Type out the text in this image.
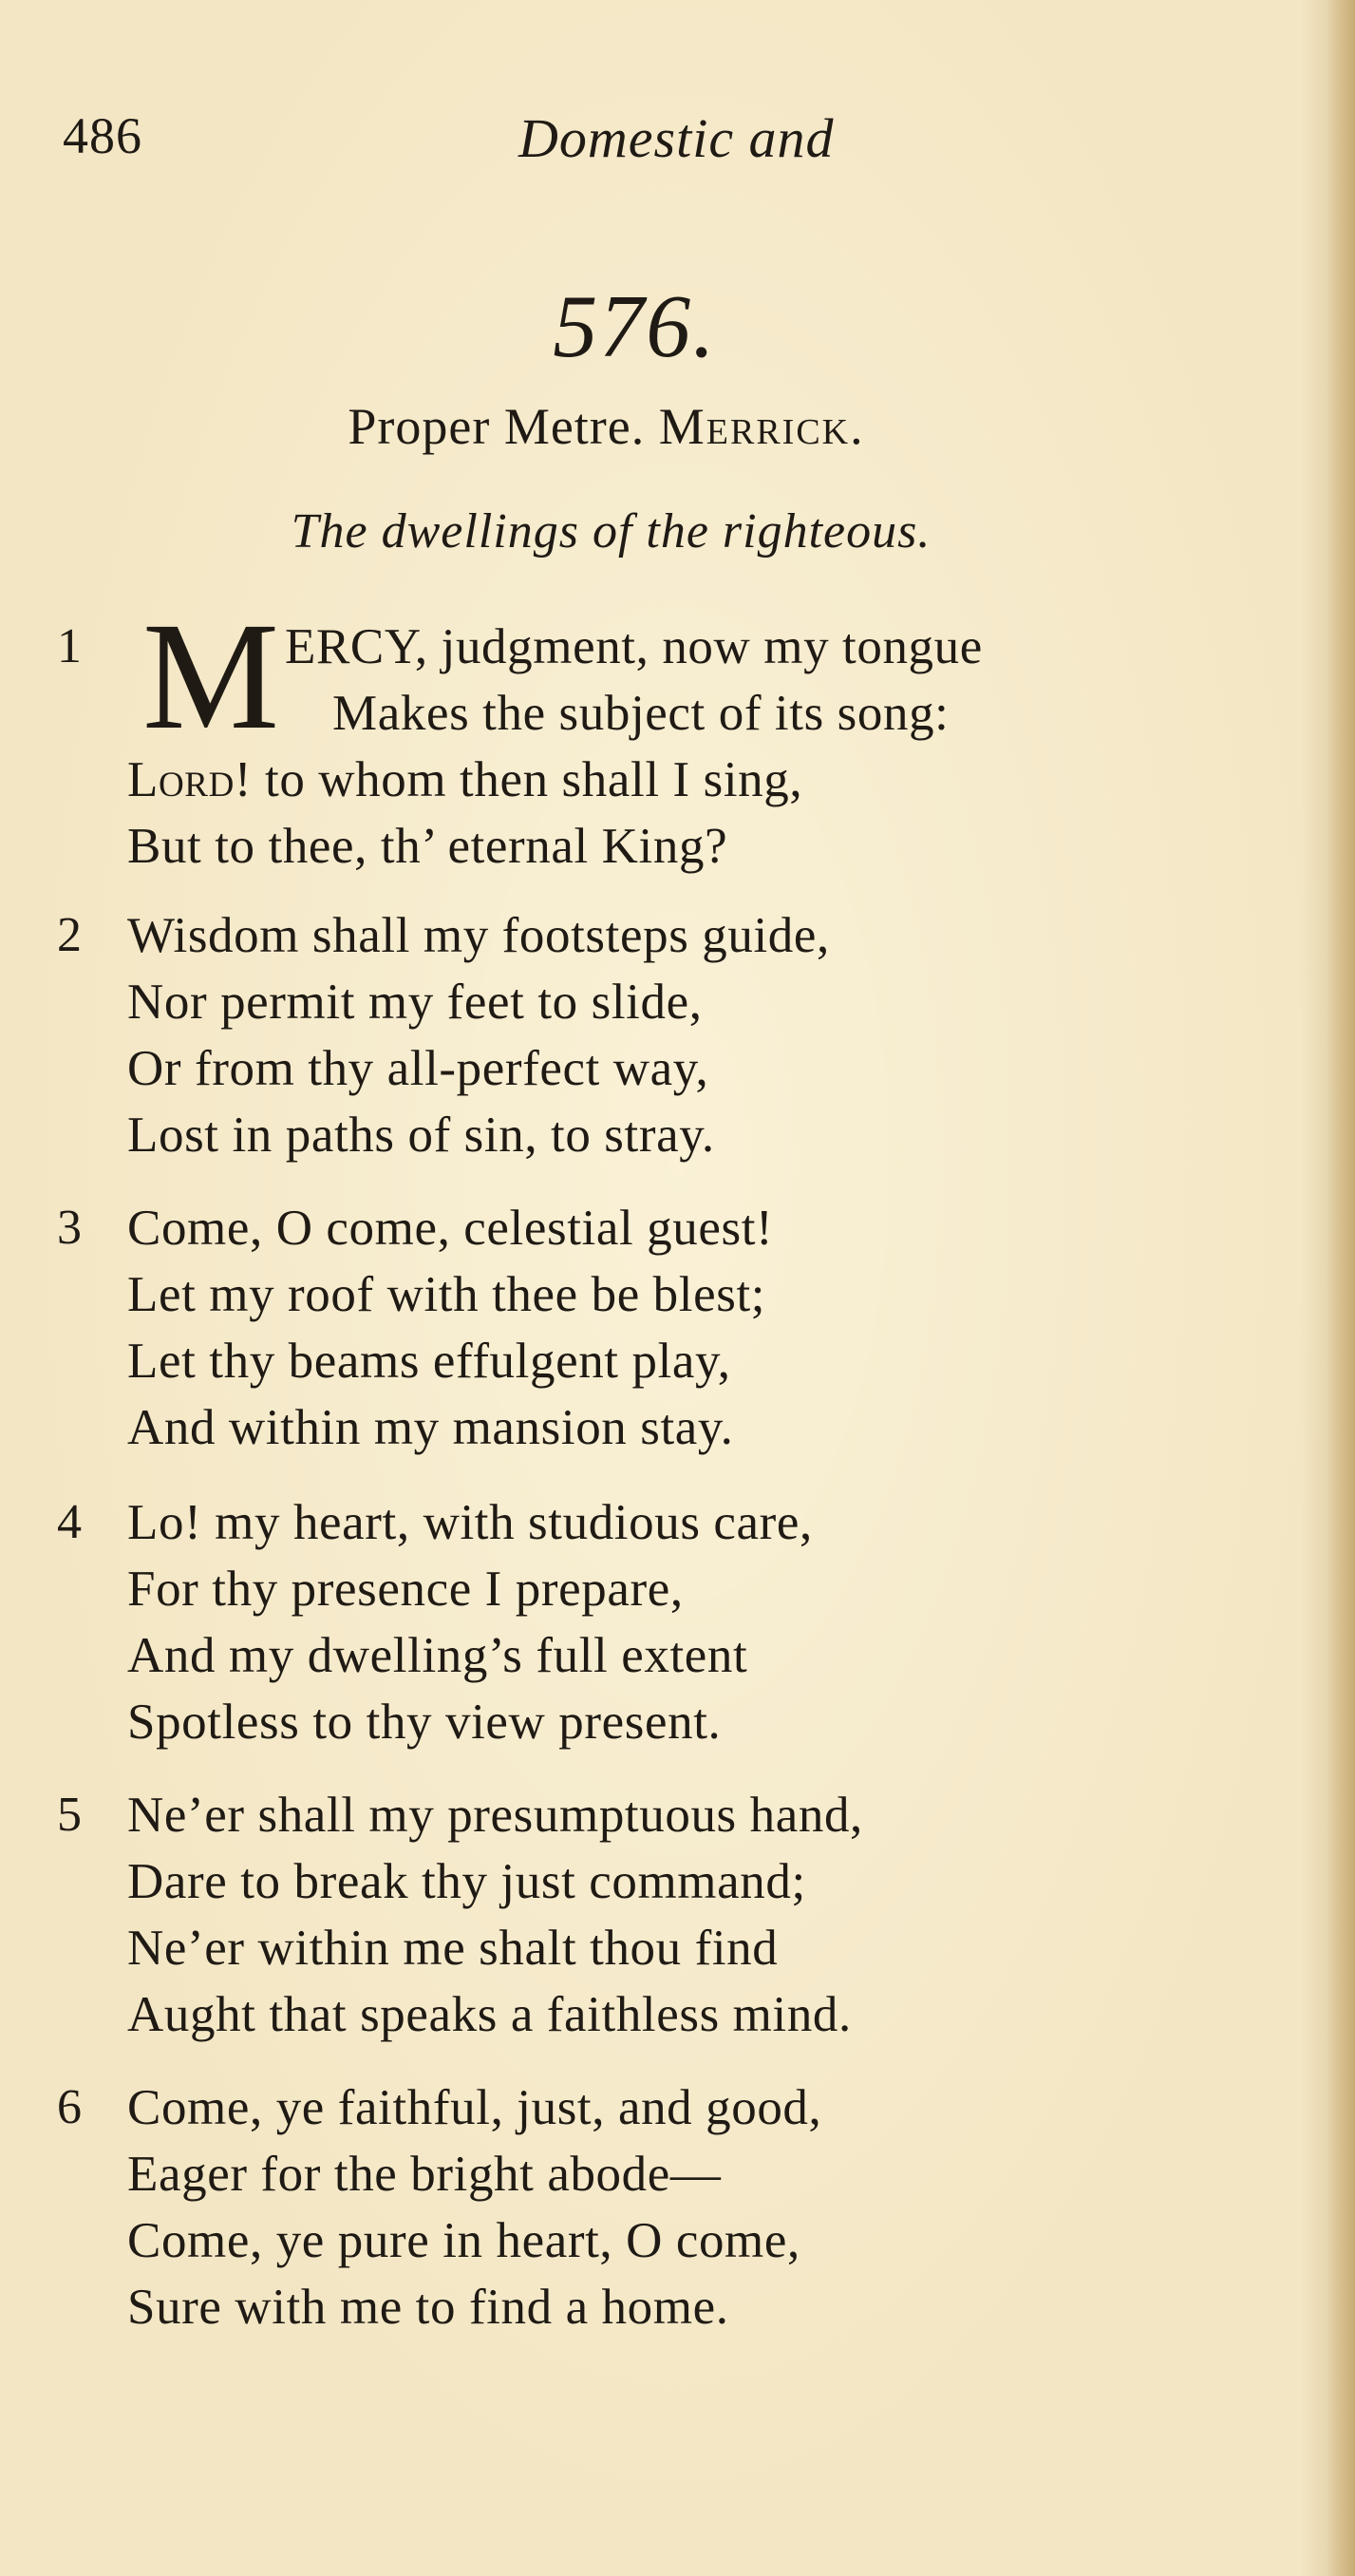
486	Domestic and
576.
Proper Metre. Merrick.
The dwellings of the righteous.
1 M ERCY, judgment, now my tongue
Makes the subject of its song:
Lord! to whom then shall I sing,
But to thee, th’ eternal King?
2 Wisdom shall my footsteps guide,
Nor permit my feet to slide,
Or from thy all-perfect way,
Lost in paths of sin, to stray.
3 Come, O come, celestial guest!
Let my roof with thee be blest;
Let thy beams effulgent play,
And within my mansion stay.
4 Lo! my heart, with studious care,
For thy presence I prepare,
And my dwelling’s full extent
Spotless to thy view present.
5 Ne’er shall my presumptuous hand,
Dare to break thy just command;
Ne’er within me shalt thou find
Aught that speaks a faithless mind.
6 Come, ye faithful, just, and good,
Eager for the bright abode—
Come, ye pure in heart, O come,
Sure with me to find a home.
